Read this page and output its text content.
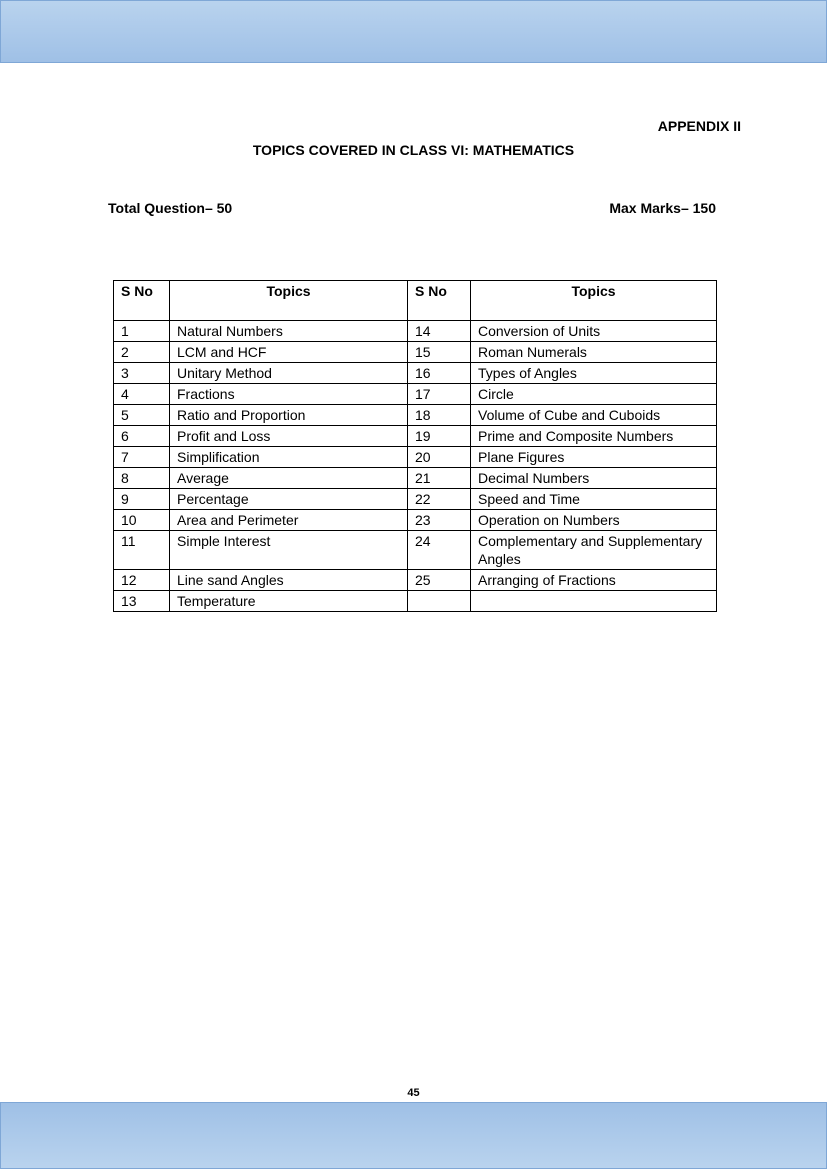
APPENDIX II
TOPICS COVERED IN CLASS VI: MATHEMATICS
Total Question– 50	Max Marks– 150
S No	Topics	S No	Topics
1	Natural Numbers	14	Conversion of Units
2	LCM and HCF	15	Roman Numerals
3	Unitary Method	16	Types of Angles
4	Fractions	17	Circle
5	Ratio and Proportion	18	Volume of Cube and Cuboids
6	Profit and Loss	19	Prime and Composite Numbers
7	Simplification	20	Plane Figures
8	Average	21	Decimal Numbers
9	Percentage	22	Speed and Time
10	Area and Perimeter	23	Operation on Numbers
11	Simple Interest	24	Complementary and Supplementary Angles
12	Line sand Angles	25	Arranging of Fractions
13	Temperature		
45
